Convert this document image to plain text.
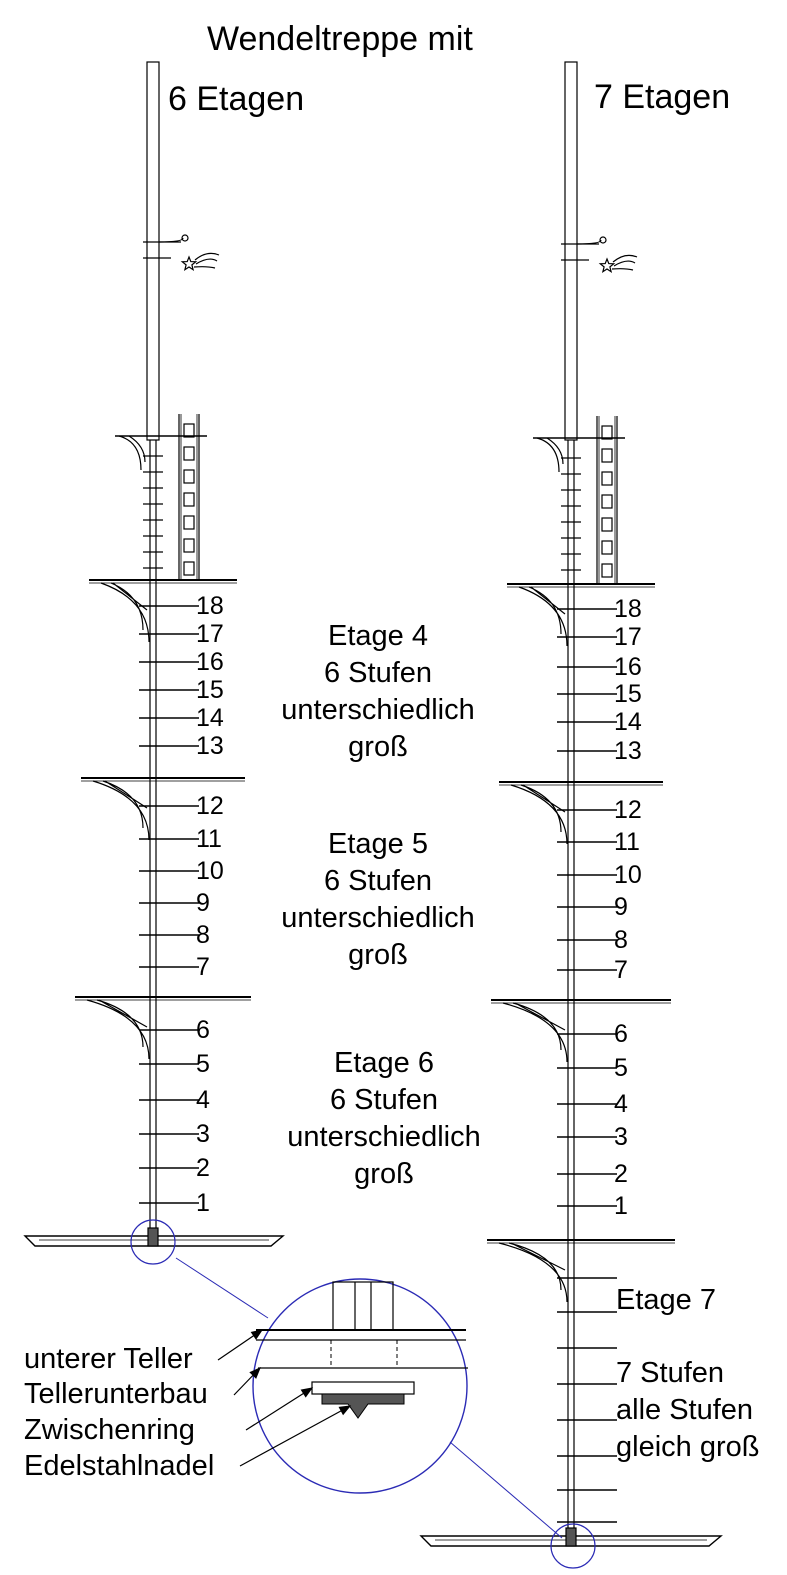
Wendeltreppe mit
6 Etagen	7 Etagen
18
17
16
15
14
13
12
11
10
9
8
7
6
5
4
3
2
1
18
17
16
15
14
13
12
11
10
9
8
7
6
5
4
3
2
1
Etage 4
6 Stufen
unterschiedlich
groß
Etage 5
6 Stufen
unterschiedlich
groß
Etage 6
6 Stufen
unterschiedlich
groß
Etage 7
7 Stufen
alle Stufen
gleich groß
unterer Teller
Tellerunterbau
Zwischenring
Edelstahlnadel
